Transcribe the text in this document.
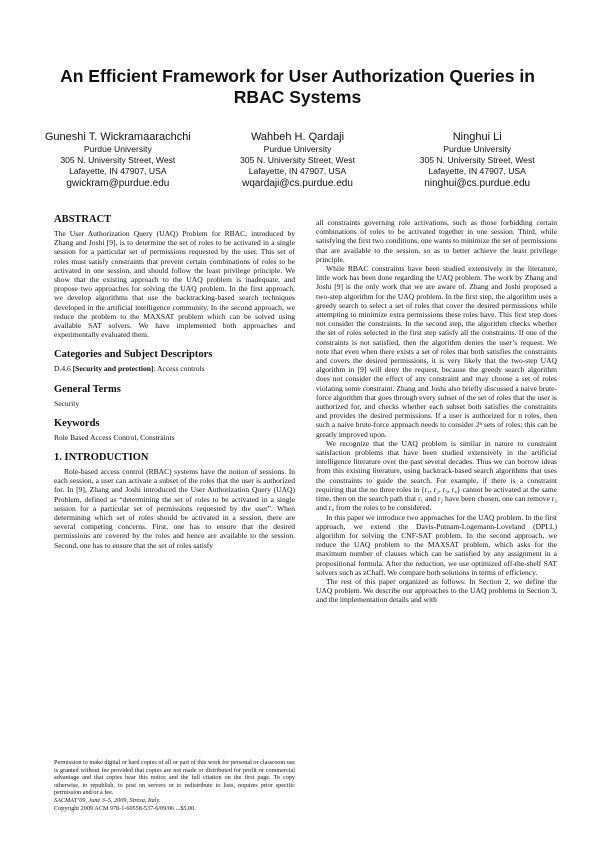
An Efficient Framework for User Authorization Queries in RBAC Systems
Guneshi T. Wickramaarachchi
Purdue University
305 N. University Street, West
Lafayette, IN 47907, USA
gwickram@purdue.edu
Wahbeh H. Qardaji
Purdue University
305 N. University Street, West
Lafayette, IN 47907, USA
wqardaji@cs.purdue.edu
Ninghui Li
Purdue University
305 N. University Street, West
Lafayette, IN 47907, USA
ninghui@cs.purdue.edu
ABSTRACT

The User Authorization Query (UAQ) Problem for RBAC, introduced by Zhang and Joshi [9], is to determine the set of roles to be activated in a single session for a particular set of permissions requested by the user. This set of roles must satisfy constraints that prevent certain combinations of roles to be activated in one session, and should follow the least privilege principle. We show that the existing approach to the UAQ problem is inadequate, and propose two approaches for solving the UAQ problem. In the first approach, we develop algorithms that use the backtracking-based search techniques developed in the artificial intelligence community. In the second approach, we reduce the problem to the MAXSAT problem which can be solved using available SAT solvers. We have implemented both approaches and experimentally evaluated them.

Categories and Subject Descriptors

D.4.6 [Security and protection]: Access controls

General Terms

Security

Keywords

Role Based Access Control, Constraints

1. INTRODUCTION

Role-based access control (RBAC) systems have the notion of sessions. In each session, a user can activate a subset of the roles that the user is authorized for. In [9], Zhang and Joshi introduced the User Authorization Query (UAQ) Problem, defined as “determining the set of roles to be activated in a single session for a particular set of permissions requested by the user”. When determining which set of roles should be activated in a session, there are several competing concerns. First, one has to ensure that the desired permissions are covered by the roles and hence are available to the session. Second, one has to ensure that the set of roles satisfy

Permission to make digital or hard copies of all or part of this work for personal or classroom use is granted without fee provided that copies are not made or distributed for profit or commercial advantage and that copies bear this notice and the full citation on the first page. To copy otherwise, to republish, to post on servers or to redistribute to lists, requires prior specific permission and/or a fee.

SACMAT’09, June 3–5, 2009, Stresa, Italy.

Copyright 2009 ACM 978-1-60558-537-6/09/06 ...$5.00.

all constraints governing role activations, such as those forbidding certain combinations of roles to be activated together in one session. Third, while satisfying the first two conditions, one wants to minimize the set of permissions that are available to the session, so as to better achieve the least privilege principle.

While RBAC constraints have been studied extensively in the literature, little work has been done regarding the UAQ problem. The work by Zhang and Joshi [9] is the only work that we are aware of. Zhang and Joshi proposed a two-step algorithm for the UAQ problem. In the first step, the algorithm uses a greedy search to select a set of roles that cover the desired permissions while attempting to minimize extra permissions these roles have. This first step does not consider the constraints. In the second step, the algorithm checks whether the set of roles selected in the first step satisfy all the constraints. If one of the constraints is not satisfied, then the algorithm denies the user’s request. We note that even when there exists a set of roles that both satisfies the constraints and covers the desired permissions, it is very likely that the two-step UAQ algorithm in [9] will deny the request, because the greedy search algorithm does not consider the effect of any constraint and may choose a set of roles violating some constraint. Zhang and Joshi also briefly discussed a naive brute-force algorithm that goes through every subset of the set of roles that the user is authorized for, and checks whether each subset both satisfies the constraints and provides the desired permissions. If a user is authorized for n roles, then such a naive brute-force approach needs to consider 2ⁿ sets of roles; this can be greatly improved upon.

We recognize that the UAQ problem is similar in nature to constraint satisfaction problems that have been studied extensively in the artificial intelligence literature over the past several decades. Thus we can borrow ideas from this existing literature, using backtrack-based search algorithms that uses the constraints to guide the search. For example, if there is a constraint requiring that the no three roles in {r₁, r₂, r₃, r₄} cannot be activated at the same time, then on the search path that r₁ and r₂ have been chosen, one can remove r₃ and r₄ from the roles to be considered.

In this paper we introduce two approaches for the UAQ problem. In the first approach, we extend the Davis-Putnam-Logemann-Loveland (DPLL) algorithm for solving the CNF-SAT problem. In the second approach, we reduce the UAQ problem to the MAXSAT problem, which asks for the maximum number of clauses which can be satisfied by any assignment in a propositional formula. After the reduction, we use optimized off-the-shelf SAT solvers such as zChaff. We compare both solutions in terms of efficiency.

The rest of this paper organized as follows: In Section 2, we define the UAQ problem. We describe our approaches to the UAQ problems in Section 3, and the implementation details and with
